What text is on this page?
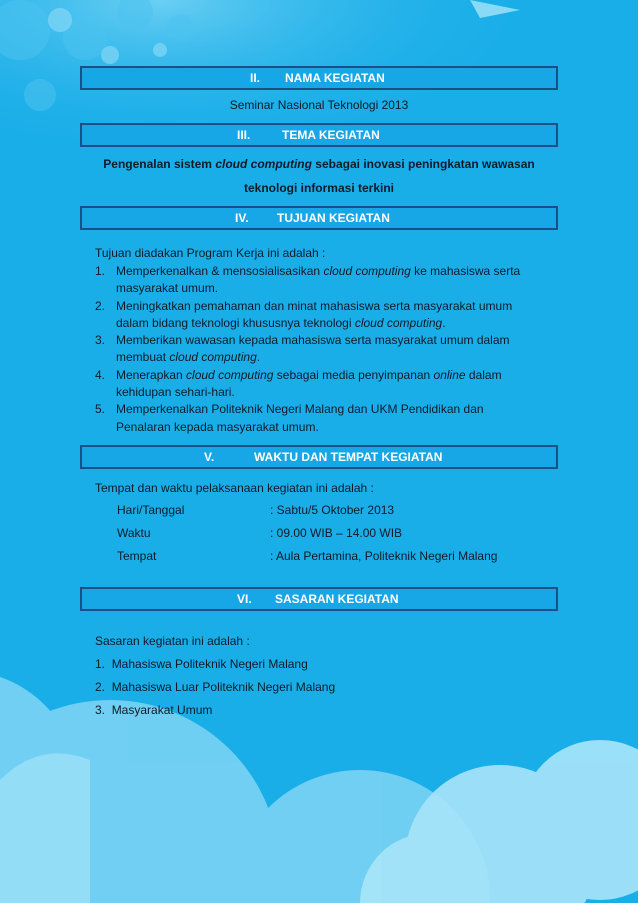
II. NAMA KEGIATAN
Seminar Nasional Teknologi 2013
III.	TEMA KEGIATAN
Pengenalan sistem cloud computing sebagai inovasi peningkatan wawasan
teknologi informasi terkini
IV. TUJUAN KEGIATAN
Tujuan diadakan Program Kerja ini adalah :
1. Memperkenalkan & mensosialisasikan cloud computing ke mahasiswa serta
masyarakat umum.
2. Meningkatkan pemahaman dan minat mahasiswa serta masyarakat umum
dalam bidang teknologi khususnya teknologi cloud computing.
3. Memberikan wawasan kepada mahasiswa serta masyarakat umum dalam
membuat cloud computing.
4. Menerapkan cloud computing sebagai media penyimpanan online dalam
kehidupan sehari-hari.
5. Memperkenalkan Politeknik Negeri Malang dan UKM Pendidikan dan
Penalaran kepada masyarakat umum.
V.	WAKTU DAN TEMPAT KEGIATAN
Tempat dan waktu pelaksanaan kegiatan ini adalah :
Hari/Tanggal	: Sabtu/5 Oktober 2013
Waktu	: 09.00 WIB – 14.00 WIB
Tempat	: Aula Pertamina, Politeknik Negeri Malang
VI. SASARAN KEGIATAN
Sasaran kegiatan ini adalah :
1. Mahasiswa Politeknik Negeri Malang
2. Mahasiswa Luar Politeknik Negeri Malang
3. Masyarakat Umum
